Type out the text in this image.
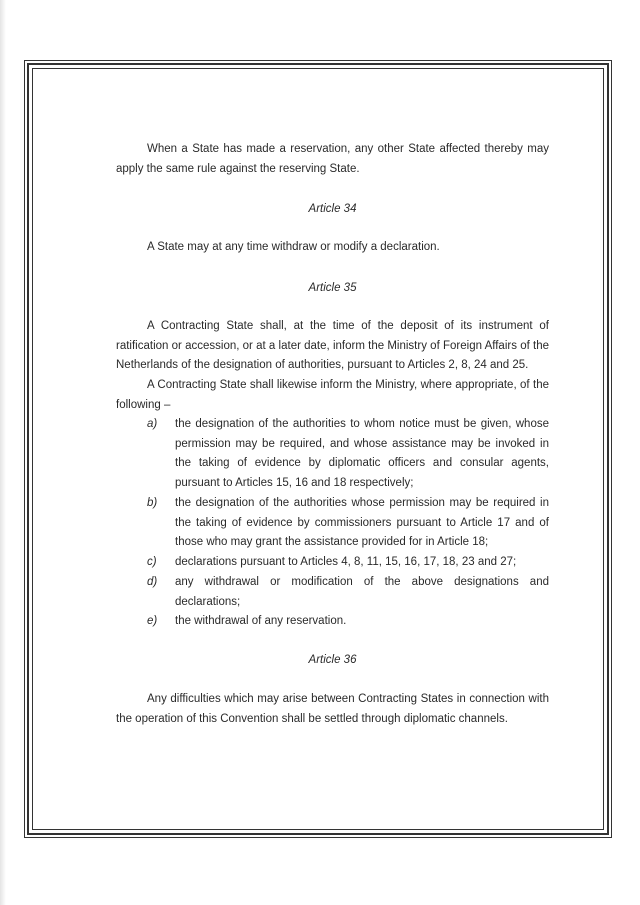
When a State has made a reservation, any other State affected thereby may apply the same rule against the reserving State.

Article 34

A State may at any time withdraw or modify a declaration.

Article 35

A Contracting State shall, at the time of the deposit of its instrument of ratification or accession, or at a later date, inform the Ministry of Foreign Affairs of the Netherlands of the designation of authorities, pursuant to Articles 2, 8, 24 and 25.

A Contracting State shall likewise inform the Ministry, where appropriate, of the following –

a) the designation of the authorities to whom notice must be given, whose permission may be required, and whose assistance may be invoked in the taking of evidence by diplomatic officers and consular agents, pursuant to Articles 15, 16 and 18 respectively;

b) the designation of the authorities whose permission may be required in the taking of evidence by commissioners pursuant to Article 17 and of those who may grant the assistance provided for in Article 18;

c) declarations pursuant to Articles 4, 8, 11, 15, 16, 17, 18, 23 and 27;

d) any withdrawal or modification of the above designations and declarations;

e) the withdrawal of any reservation.

Article 36

Any difficulties which may arise between Contracting States in connection with the operation of this Convention shall be settled through diplomatic channels.
